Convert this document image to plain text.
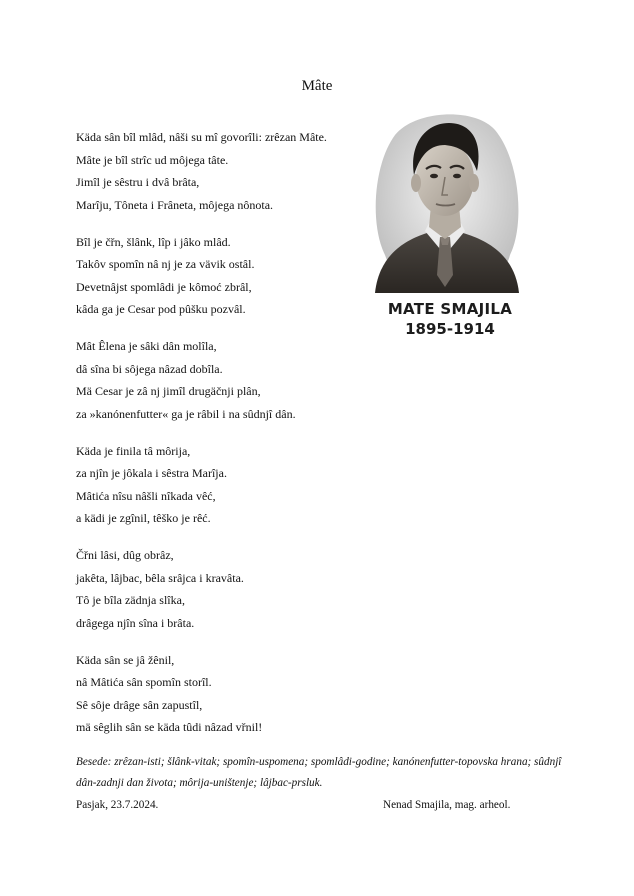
Mâte
Käda sân bîl mlâd, nâši su mî govorîli: zrêzan Mâte.
Mâte je bîl strîc ud môjega tâte.
Jimîl je sêstru i dvâ brâta,
Marîju, Tôneta i Frâneta, môjega nônota.
Bîl je čřn, šlânk, lîp i jâko mlâd.
Takôv spomîn nâ nj je za vävik ostâl.
Devetnâjst spomlâdi je kômoć zbrâl,
kâda ga je Cesar pod pûšku pozvâl.
Mât Êlena je sâki dân molîla,
dâ sîna bi sôjega nâzad dobîla.
Mä Cesar je zâ nj jimîl drugäčnji plân,
za »kanónenfutter« ga je râbil i na sûdnjî dân.
Käda je finila tâ môrija,
za njîn je jôkala i sêstra Marîja.
Mâtića nîsu nâšli nîkada vêć,
a kädi je zgînil, têško je rêć.
Čřni lâsi, dûg obrâz,
jakêta, lâjbac, bêla srâjca i kravâta.
Tô je bîla zädnja slîka,
drâgega njîn sîna i brâta.
Käda sân se jâ žênil,
nâ Mâtića sân spomîn storîl.
Sê sôje drâge sân zapustîl,
mä sêglih sân se käda tûdi nâzad vřnil!
MATE SMAJILA
1895-1914
Besede: zrêzan-isti; šlânk-vitak; spomîn-uspomena; spomlâdi-godine; kanónenfutter-topovska hrana; sûdnjî dân-zadnji dan života; môrija-uništenje; lâjbac-prsluk.
Pasjak, 23.7.2024.	Nenad Smajila, mag. arheol.
